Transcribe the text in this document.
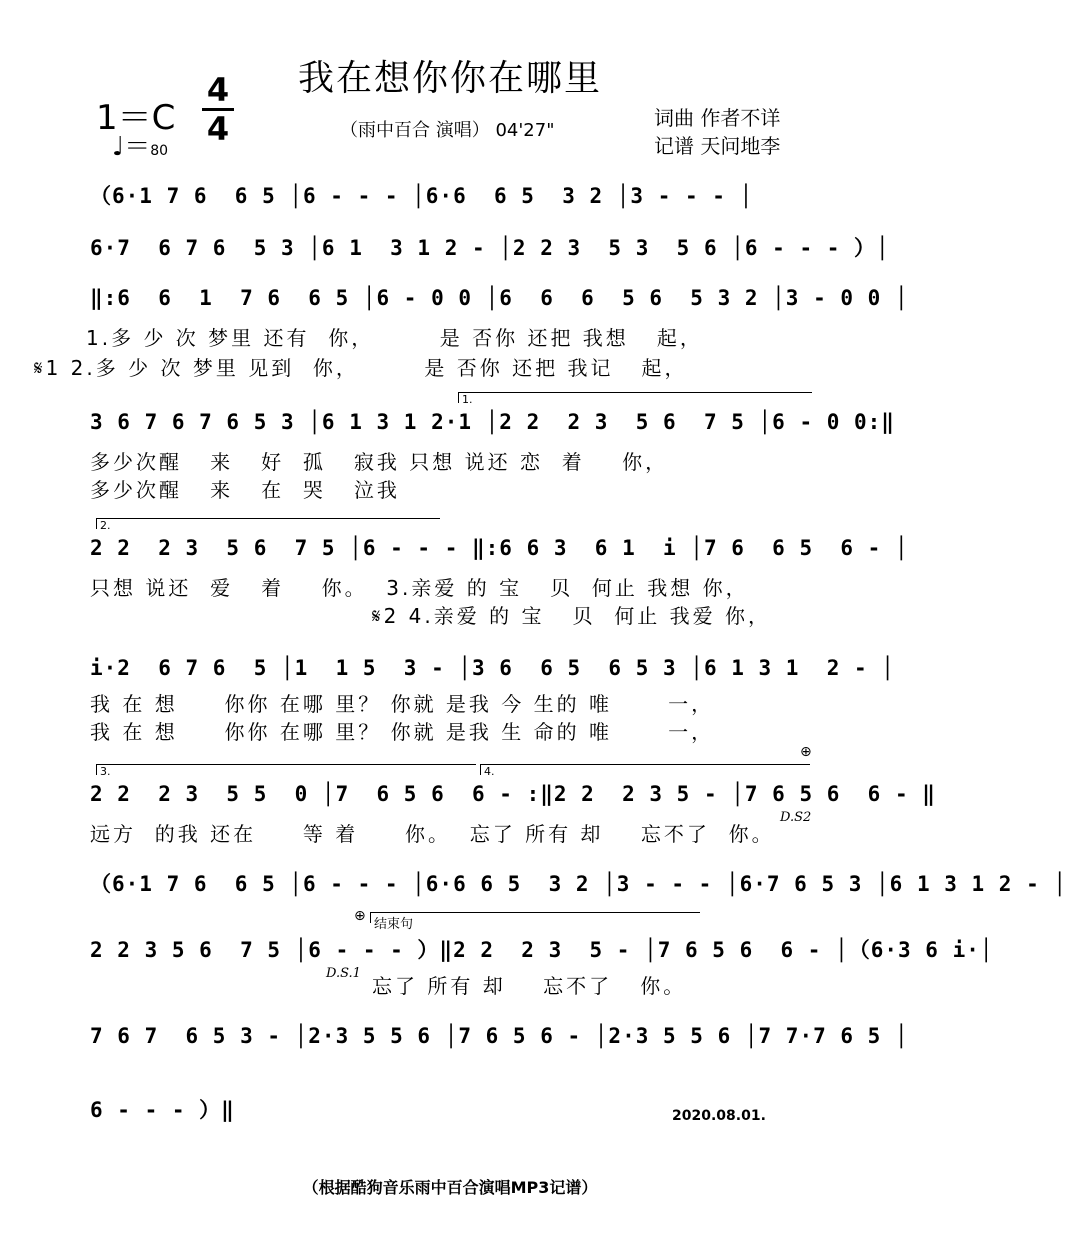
我在想你你在哪里
1＝C
4
4
♩＝80
（雨中百合 演唱） 04'27"
词曲 作者不详
记谱 天问地李
（6·1 7 6  6 5 │6 - - - │6·6  6 5  3 2 │3 - - - │
6·7  6 7 6  5 3 │6 1  3 1 2 - │2 2 3  5 3  5 6 │6 - - - ）│
‖:6  6  1  7 6  6 5 │6 - 0 0 │6  6  6  5 6  5 3 2 │3 - 0 0 │
1.多 少 次 梦里 还有  你，       是 否你 还把 我想   起，
𝄋1 2.多 少 次 梦里 见到  你，       是 否你 还把 我记   起，
1.
3 6 7 6 7 6 5 3 │6 1 3 1 2·1 │2 2  2 3  5 6  7 5 │6 - 0 0:‖
多少次醒   来   好  孤   寂我 只想 说还 恋  着    你，
多少次醒   来   在  哭   泣我
2.
2 2  2 3  5 6  7 5 │6 - - - ‖:6 6 3  6 1  i │7 6  6 5  6 - │
只想 说还  爱   着    你。  3.亲爱 的 宝   贝  何止 我想 你，
𝄋2 4.亲爱 的 宝   贝  何止 我爱 你，
i·2  6 7 6  5 │1  1 5  3 - │3 6  6 5  6 5 3 │6 1 3 1  2 - │
我 在 想     你你 在哪 里？ 你就 是我 今 生的 唯      一，
我 在 想     你你 在哪 里？ 你就 是我 生 命的 唯      一，
⊕
3.	4.
2 2  2 3  5 5  0 │7  6 5 6  6 - :‖2 2  2 3 5 - │7 6 5 6  6 - ‖
远方  的我 还在     等 着     你。  忘了 所有 却    忘不了  你。
D.S2
（6·1 7 6  6 5 │6 - - - │6·6 6 5  3 2 │3 - - - │6·7 6 5 3 │6 1 3 1 2 - │
⊕
结束句
2 2 3 5 6  7 5 │6 - - - ）‖2 2  2 3  5 - │7 6 5 6  6 - │（6·3 6 i·│
D.S.1
忘了 所有 却    忘不了   你。
7 6 7  6 5 3 - │2·3 5 5 6 │7 6 5 6 - │2·3 5 5 6 │7 7·7 6 5 │
6 - - - ）‖	2020.08.01.
（根据酷狗音乐雨中百合演唱MP3记谱）
